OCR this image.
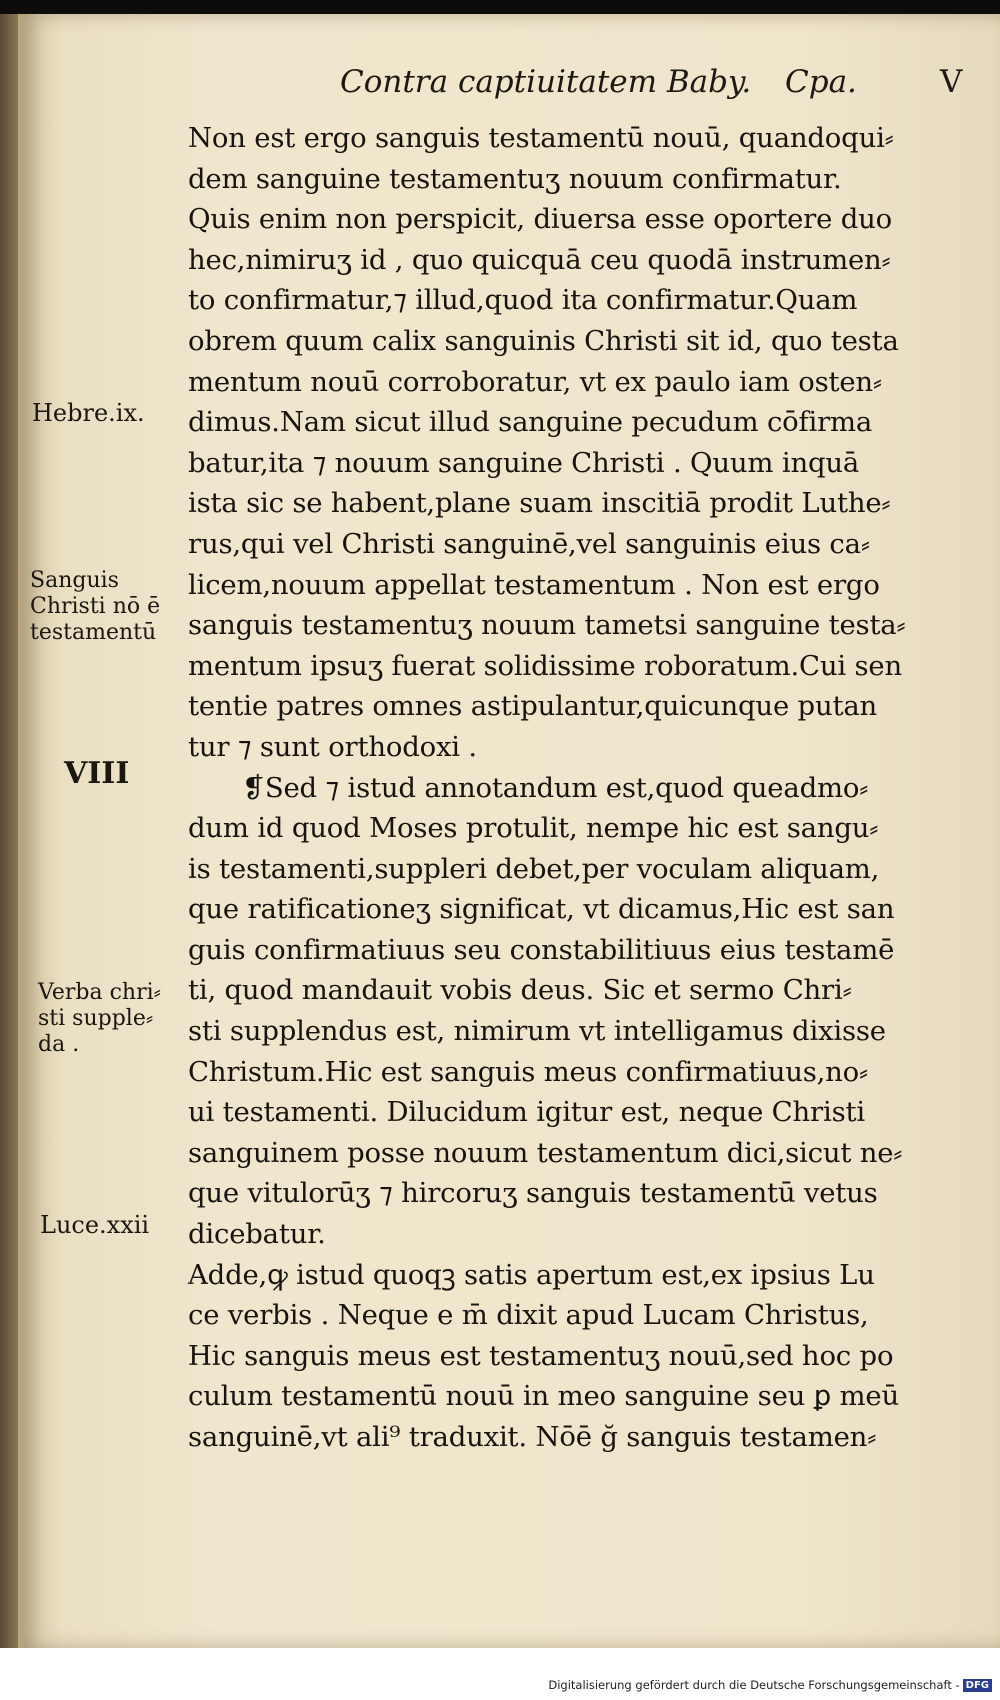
Contra captiuitatem Baby. Cpa.	V
Non est ergo sanguis testamentū nouū, quandoqui⸗
dem sanguine testamentuʒ nouum confirmatur.
Quis enim non perspicit, diuersa esse oportere duo
hec,nimiruʒ id , quo quicquā ceu quodā instrumen⸗
to confirmatur,⁊ illud,quod ita confirmatur.Quam
obrem quum calix sanguinis Christi sit id, quo testa
mentum nouū corroboratur, vt ex paulo iam osten⸗
dimus.Nam sicut illud sanguine pecudum cōfirma
batur,ita ⁊ nouum sanguine Christi . Quum inquā
ista sic se habent,plane suam inscitiā prodit Luthe⸗
rus,qui vel Christi sanguinē,vel sanguinis eius ca⸗
licem,nouum appellat testamentum . Non est ergo
sanguis testamentuʒ nouum tametsi sanguine testa⸗
mentum ipsuʒ fuerat solidissime roboratum.Cui sen
tentie patres omnes astipulantur,quicunque putan
tur ⁊ sunt orthodoxi .
❡Sed ⁊ istud annotandum est,quod queadmo⸗
dum id quod Moses protulit, nempe hic est sangu⸗
is testamenti,suppleri debet,per voculam aliquam,
que ratificationeʒ significat, vt dicamus,Hic est san
guis confirmatiuus seu constabilitiuus eius testamē
ti, quod mandauit vobis deus. Sic et sermo Chri⸗
sti supplendus est, nimirum vt intelligamus dixisse
Christum.Hic est sanguis meus confirmatiuus,no⸗
ui testamenti. Dilucidum igitur est, neque Christi
sanguinem posse nouum testamentum dici,sicut ne⸗
que vitulorūʒ ⁊ hircoruʒ sanguis testamentū vetus
dicebatur.
Adde,ꝙ istud quoqꝫ satis apertum est,ex ipsius Lu
ce verbis . Neque e m̄ dixit apud Lucam Christus,
Hic sanguis meus est testamentuʒ nouū,sed hoc po
culum testamentū nouū in meo sanguine seu ꝑ meū
sanguinē,vt ali⁹ traduxit. Nōē ğ sanguis testamen⸗
Hebre.ix.
Sanguis
Christi nō ē
testamentū
VIII
Verba chri⸗
sti supple⸗
da .
Luce.xxii
Digitalisierung gefördert durch die Deutsche Forschungsgemeinschaft - DFG
